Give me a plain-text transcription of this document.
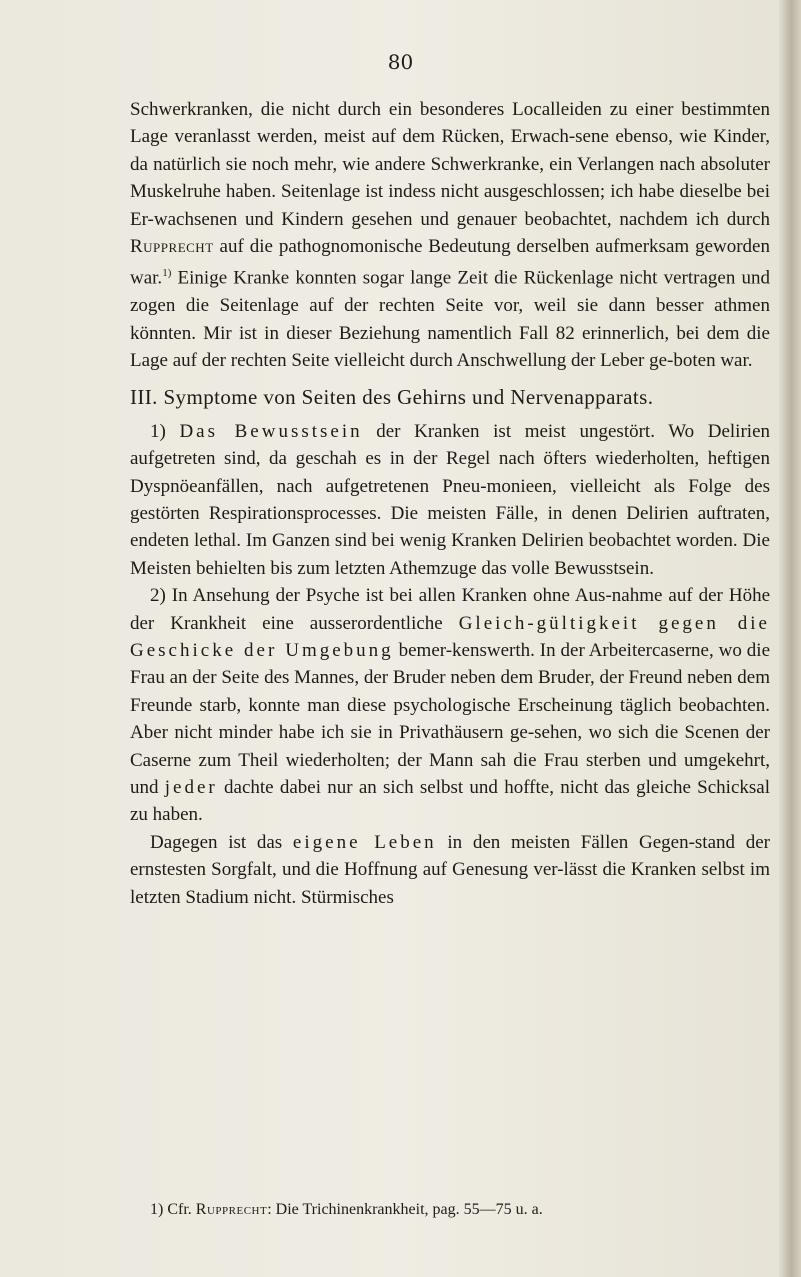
80

Schwerkranken, die nicht durch ein besonderes Localleiden zu einer bestimmten Lage veranlasst werden, meist auf dem Rücken, Erwach-sene ebenso, wie Kinder, da natürlich sie noch mehr, wie andere Schwerkranke, ein Verlangen nach absoluter Muskelruhe haben. Seitenlage ist indess nicht ausgeschlossen; ich habe dieselbe bei Er-wachsenen und Kindern gesehen und genauer beobachtet, nachdem ich durch Rupprecht auf die pathognomonische Bedeutung derselben aufmerksam geworden war.$^{1)}$ Einige Kranke konnten sogar lange Zeit die Rückenlage nicht vertragen und zogen die Seitenlage auf der rechten Seite vor, weil sie dann besser athmen könnten. Mir ist in dieser Beziehung namentlich Fall 82 erinnerlich, bei dem die Lage auf der rechten Seite vielleicht durch Anschwellung der Leber ge-boten war.

III. Symptome von Seiten des Gehirns und Nervenapparats.

1) Das Bewusstsein der Kranken ist meist ungestört. Wo Delirien aufgetreten sind, da geschah es in der Regel nach öfters wiederholten, heftigen Dyspnöeanfällen, nach aufgetretenen Pneu-monieen, vielleicht als Folge des gestörten Respirationsprocesses. Die meisten Fälle, in denen Delirien auftraten, endeten lethal. Im Ganzen sind bei wenig Kranken Delirien beobachtet worden. Die Meisten behielten bis zum letzten Athemzuge das volle Bewusstsein.

2) In Ansehung der Psyche ist bei allen Kranken ohne Aus-nahme auf der Höhe der Krankheit eine ausserordentliche Gleich-gültigkeit gegen die Geschicke der Umgebung bemer-kenswerth. In der Arbeitercaserne, wo die Frau an der Seite des Mannes, der Bruder neben dem Bruder, der Freund neben dem Freunde starb, konnte man diese psychologische Erscheinung täglich beobachten. Aber nicht minder habe ich sie in Privathäusern ge-sehen, wo sich die Scenen der Caserne zum Theil wiederholten; der Mann sah die Frau sterben und umgekehrt, und jeder dachte dabei nur an sich selbst und hoffte, nicht das gleiche Schicksal zu haben.

Dagegen ist das eigene Leben in den meisten Fällen Gegen-stand der ernstesten Sorgfalt, und die Hoffnung auf Genesung ver-lässt die Kranken selbst im letzten Stadium nicht. Stürmisches

1) Cfr. Rupprecht: Die Trichinenkrankheit, pag. 55—75 u. a.
